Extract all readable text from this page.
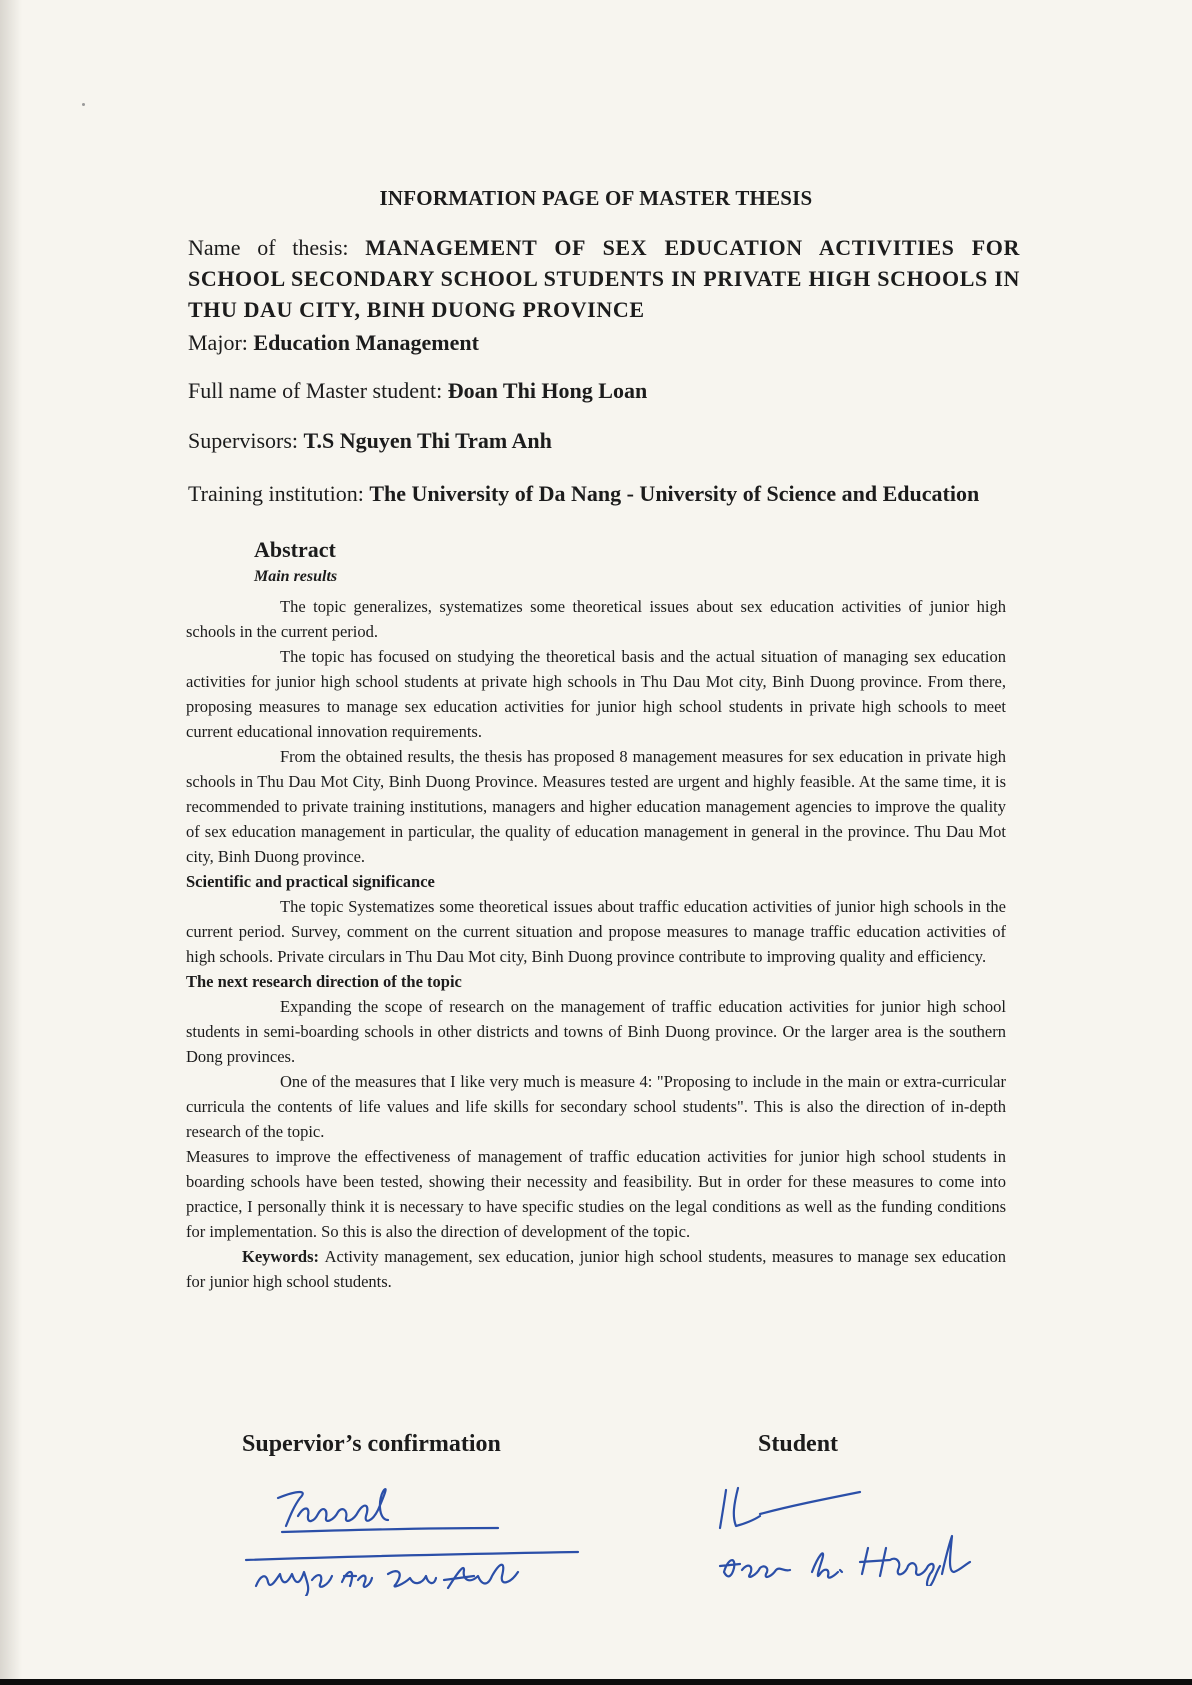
INFORMATION PAGE OF MASTER THESIS
Name of thesis: MANAGEMENT OF SEX EDUCATION ACTIVITIES FOR SCHOOL SECONDARY SCHOOL STUDENTS IN PRIVATE HIGH SCHOOLS IN THU DAU CITY, BINH DUONG PROVINCE
Major: Education Management
Full name of Master student: Đoan Thi Hong Loan
Supervisors: T.S Nguyen Thi Tram Anh
Training institution: The University of Da Nang - University of Science and Education
Abstract
Main results

The topic generalizes, systematizes some theoretical issues about sex education activities of junior high schools in the current period.

The topic has focused on studying the theoretical basis and the actual situation of managing sex education activities for junior high school students at private high schools in Thu Dau Mot city, Binh Duong province. From there, proposing measures to manage sex education activities for junior high school students in private high schools to meet current educational innovation requirements.

From the obtained results, the thesis has proposed 8 management measures for sex education in private high schools in Thu Dau Mot City, Binh Duong Province. Measures tested are urgent and highly feasible. At the same time, it is recommended to private training institutions, managers and higher education management agencies to improve the quality of sex education management in particular, the quality of education management in general in the province. Thu Dau Mot city, Binh Duong province.

Scientific and practical significance

The topic Systematizes some theoretical issues about traffic education activities of junior high schools in the current period. Survey, comment on the current situation and propose measures to manage traffic education activities of high schools. Private circulars in Thu Dau Mot city, Binh Duong province contribute to improving quality and efficiency.

The next research direction of the topic

Expanding the scope of research on the management of traffic education activities for junior high school students in semi-boarding schools in other districts and towns of Binh Duong province. Or the larger area is the southern Dong provinces.

One of the measures that I like very much is measure 4: "Proposing to include in the main or extra-curricular curricula the contents of life values and life skills for secondary school students". This is also the direction of in-depth research of the topic.

Measures to improve the effectiveness of management of traffic education activities for junior high school students in boarding schools have been tested, showing their necessity and feasibility. But in order for these measures to come into practice, I personally think it is necessary to have specific studies on the legal conditions as well as the funding conditions for implementation. So this is also the direction of development of the topic.

Keywords: Activity management, sex education, junior high school students, measures to manage sex education for junior high school students.

Supervior’s confirmation	Student
